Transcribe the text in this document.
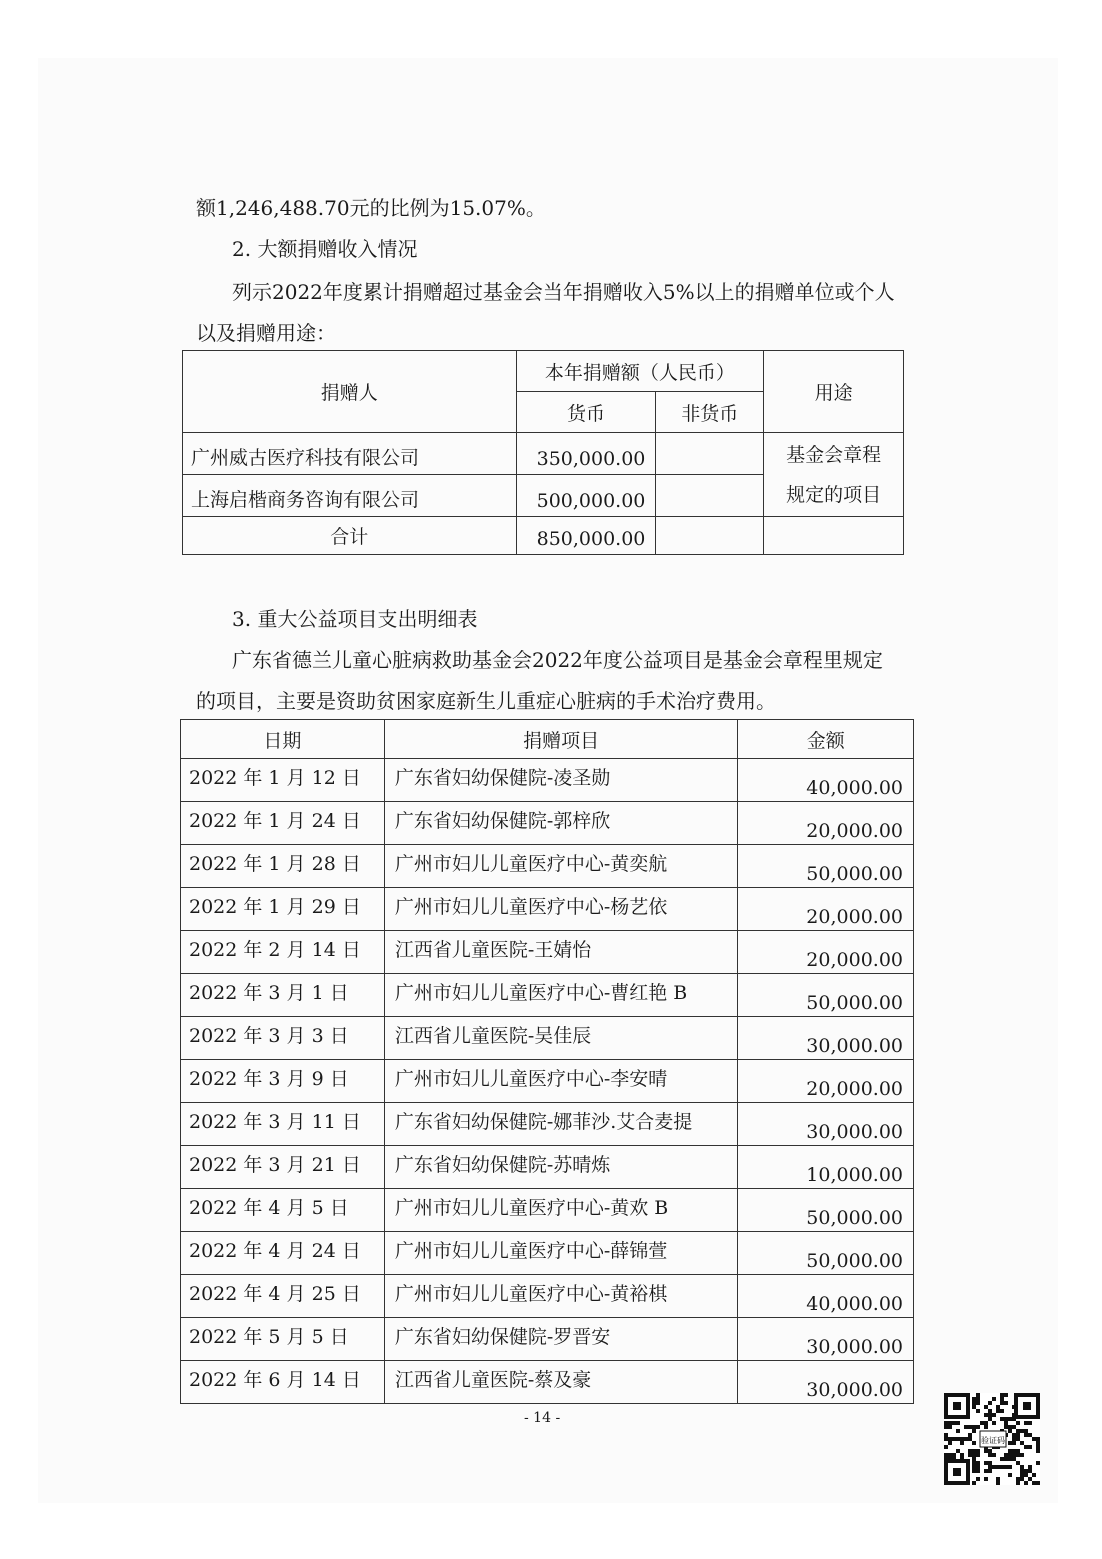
额1,246,488.70元的比例为15.07%。
2. 大额捐赠收入情况
列示2022年度累计捐赠超过基金会当年捐赠收入5%以上的捐赠单位或个人
以及捐赠用途：
捐赠人	本年捐赠额（人民币）		用途
	货币	非货币	
广州威古医疗科技有限公司	350,000.00		基金会章程
规定的项目

上海启楷商务咨询有限公司	500,000.00		
合计	850,000.00		
3. 重大公益项目支出明细表
广东省德兰儿童心脏病救助基金会2022年度公益项目是基金会章程里规定
的项目，主要是资助贫困家庭新生儿重症心脏病的手术治疗费用。
日期	捐赠项目	金额
2022 年 1 月 12 日	广东省妇幼保健院-凌圣勋	40,000.00
2022 年 1 月 24 日	广东省妇幼保健院-郭梓欣	20,000.00
2022 年 1 月 28 日	广州市妇儿儿童医疗中心-黄奕航	50,000.00
2022 年 1 月 29 日	广州市妇儿儿童医疗中心-杨艺依	20,000.00
2022 年 2 月 14 日	江西省儿童医院-王婧怡	20,000.00
2022 年 3 月 1 日	广州市妇儿儿童医疗中心-曹红艳 B	50,000.00
2022 年 3 月 3 日	江西省儿童医院-吴佳辰	30,000.00
2022 年 3 月 9 日	广州市妇儿儿童医疗中心-李安晴	20,000.00
2022 年 3 月 11 日	广东省妇幼保健院-娜菲沙.艾合麦提	30,000.00
2022 年 3 月 21 日	广东省妇幼保健院-苏晴炼	10,000.00
2022 年 4 月 5 日	广州市妇儿儿童医疗中心-黄欢 B	50,000.00
2022 年 4 月 24 日	广州市妇儿儿童医疗中心-薛锦萱	50,000.00
2022 年 4 月 25 日	广州市妇儿儿童医疗中心-黄裕棋	40,000.00
2022 年 5 月 5 日	广东省妇幼保健院-罗晋安	30,000.00
2022 年 6 月 14 日	江西省儿童医院-蔡及豪	30,000.00
- 14 -
验证码
